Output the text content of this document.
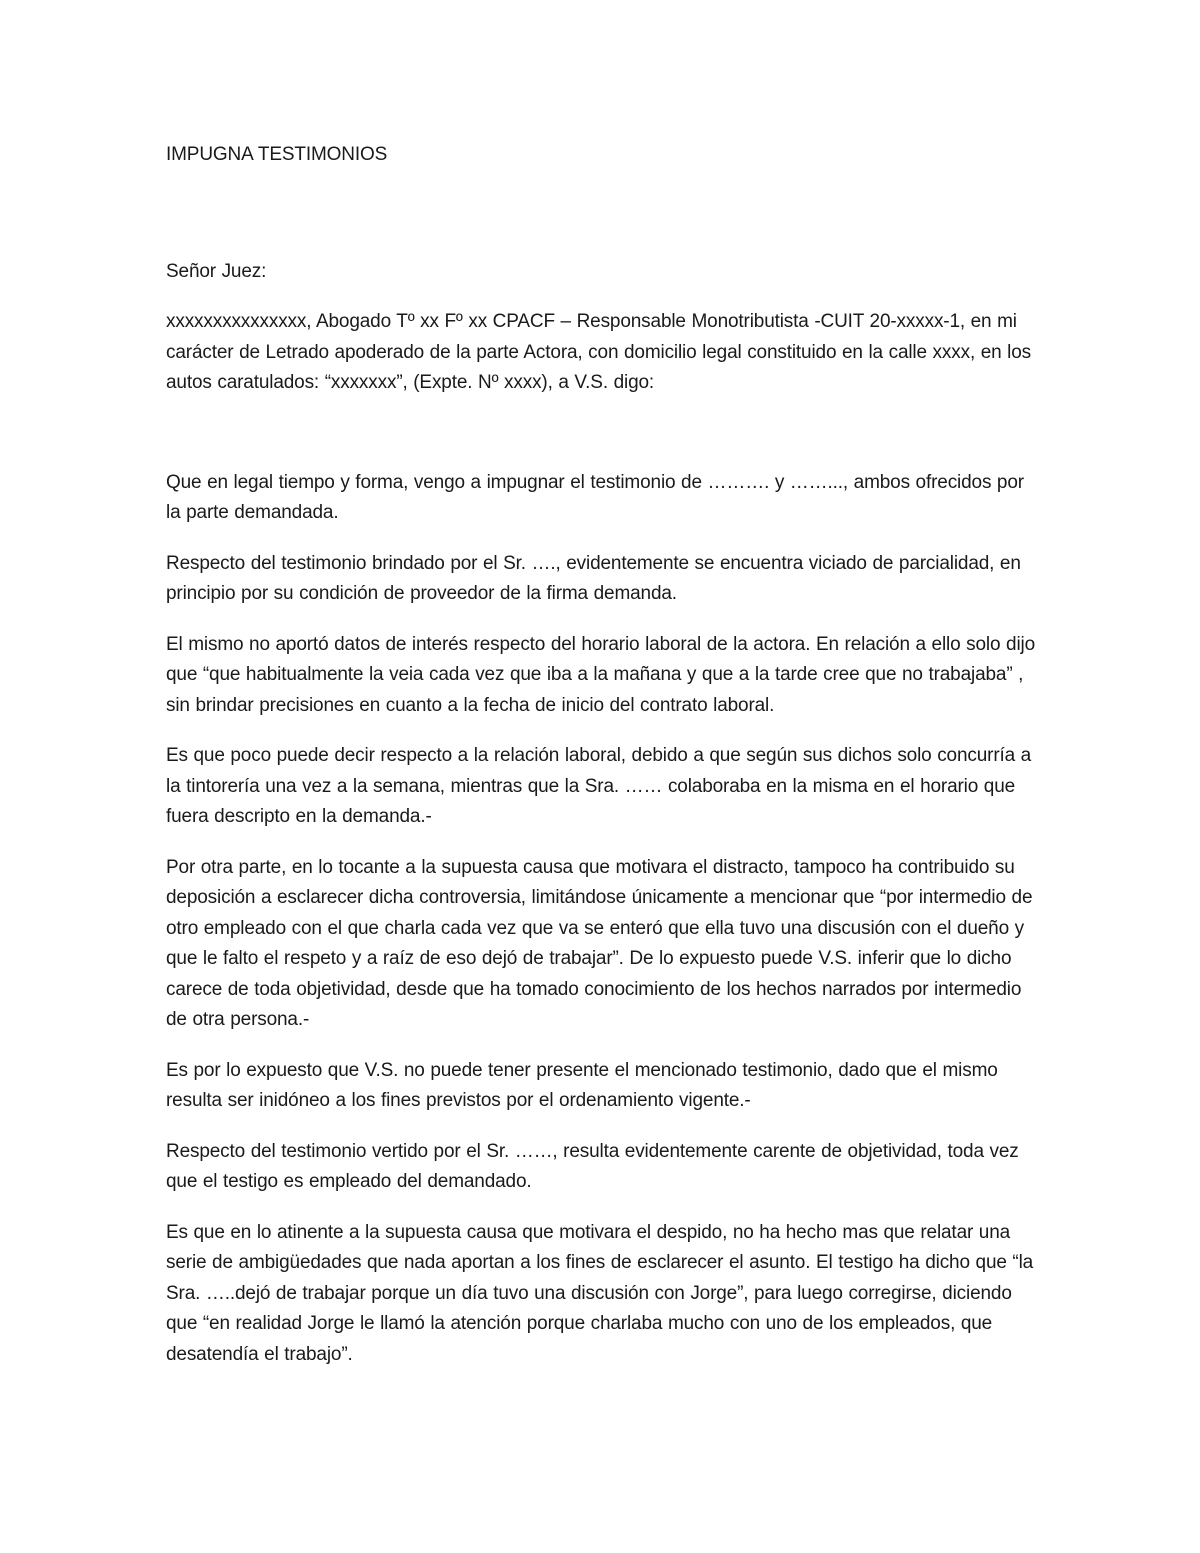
IMPUGNA TESTIMONIOS

Señor Juez:

xxxxxxxxxxxxxxx, Abogado Tº xx Fº xx CPACF – Responsable Monotributista -CUIT 20-xxxxx-1, en mi carácter de Letrado apoderado de la parte Actora, con domicilio legal constituido en la calle xxxx, en los autos caratulados: “xxxxxxx”, (Expte. Nº xxxx), a V.S. digo:

Que en legal tiempo y forma, vengo a impugnar el testimonio de ………. y ……..., ambos ofrecidos por la parte demandada.

Respecto del testimonio brindado por el Sr. …., evidentemente se encuentra viciado de parcialidad, en principio por su condición de proveedor de la firma demanda.

El mismo no aportó datos de interés respecto del horario laboral de la actora. En relación a ello solo dijo que “que habitualmente la veia cada vez que iba a la mañana y que a la tarde cree que no trabajaba” , sin brindar precisiones en cuanto a la fecha de inicio del contrato laboral.

Es que poco puede decir respecto a la relación laboral, debido a que según sus dichos solo concurría a la tintorería una vez a la semana, mientras que la Sra. …… colaboraba en la misma en el horario que fuera descripto en la demanda.-

Por otra parte, en lo tocante a la supuesta causa que motivara el distracto, tampoco ha contribuido su deposición a esclarecer dicha controversia, limitándose únicamente a mencionar que “por intermedio de otro empleado con el que charla cada vez que va se enteró que ella tuvo una discusión con el dueño y que le falto el respeto y a raíz de eso dejó de trabajar”. De lo expuesto puede V.S. inferir que lo dicho carece de toda objetividad, desde que ha tomado conocimiento de los hechos narrados por intermedio de otra persona.-

Es por lo expuesto que V.S. no puede tener presente el mencionado testimonio, dado que el mismo resulta ser inidóneo a los fines previstos por el ordenamiento vigente.-

Respecto del testimonio vertido por el Sr. ……, resulta evidentemente carente de objetividad, toda vez que el testigo es empleado del demandado.

Es que en lo atinente a la supuesta causa que motivara el despido, no ha hecho mas que relatar una serie de ambigüedades que nada aportan a los fines de esclarecer el asunto. El testigo ha dicho que “la Sra. …..dejó de trabajar porque un día tuvo una discusión con Jorge”, para luego corregirse, diciendo que “en realidad Jorge le llamó la atención porque charlaba mucho con uno de los empleados, que desatendía el trabajo”.
